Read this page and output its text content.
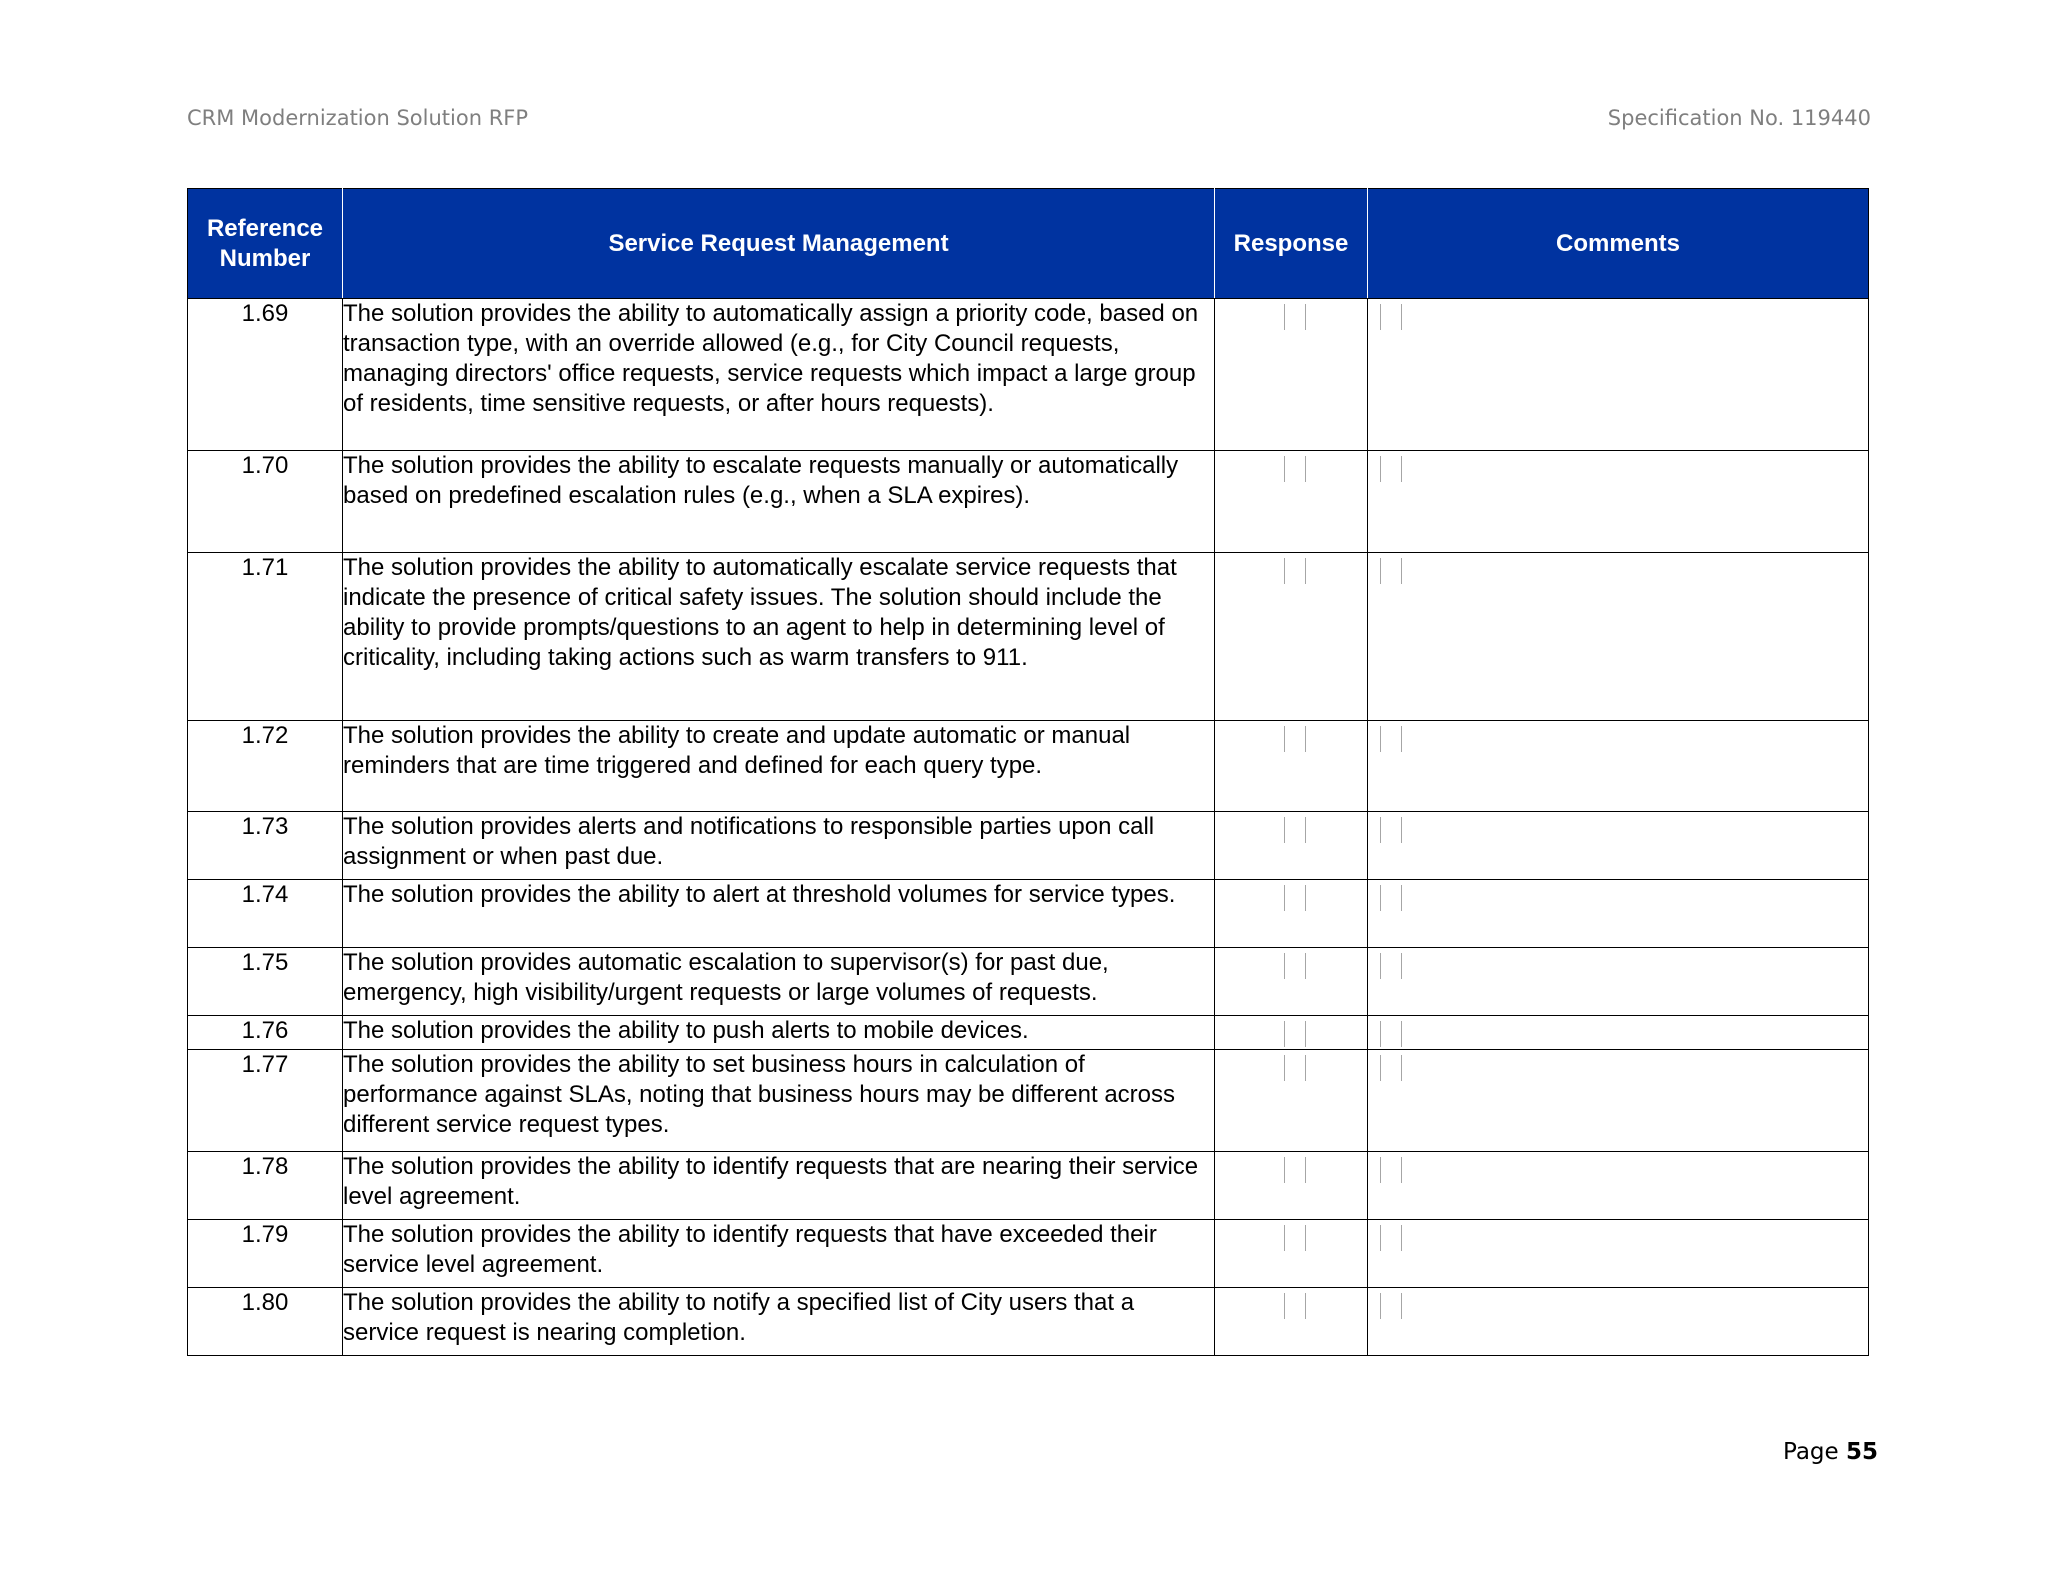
CRM Modernization Solution RFP	Specification No. 119440
Reference Number	Service Request Management	Response	Comments
1.69	The solution provides the ability to automatically assign a priority code, based on transaction type, with an override allowed (e.g., for City Council requests, managing directors' office requests, service requests which impact a large group of residents, time sensitive requests, or after hours requests).	

1.70	The solution provides the ability to escalate requests manually or automatically based on predefined escalation rules (e.g., when a SLA expires).	

1.71	The solution provides the ability to automatically escalate service requests that indicate the presence of critical safety issues. The solution should include the ability to provide prompts/questions to an agent to help in determining level of criticality, including taking actions such as warm transfers to 911.	

1.72	The solution provides the ability to create and update automatic or manual reminders that are time triggered and defined for each query type.	

1.73	The solution provides alerts and notifications to responsible parties upon call assignment or when past due.	

1.74	The solution provides the ability to alert at threshold volumes for service types.	

1.75	The solution provides automatic escalation to supervisor(s) for past due, emergency, high visibility/urgent requests or large volumes of requests.	

1.76	The solution provides the ability to push alerts to mobile devices.	

1.77	The solution provides the ability to set business hours in calculation of performance against SLAs, noting that business hours may be different across different service request types.	

1.78	The solution provides the ability to identify requests that are nearing their service level agreement.	

1.79	The solution provides the ability to identify requests that have exceeded their service level agreement.	

1.80	The solution provides the ability to notify a specified list of City users that a service request is nearing completion.	

Page 55
